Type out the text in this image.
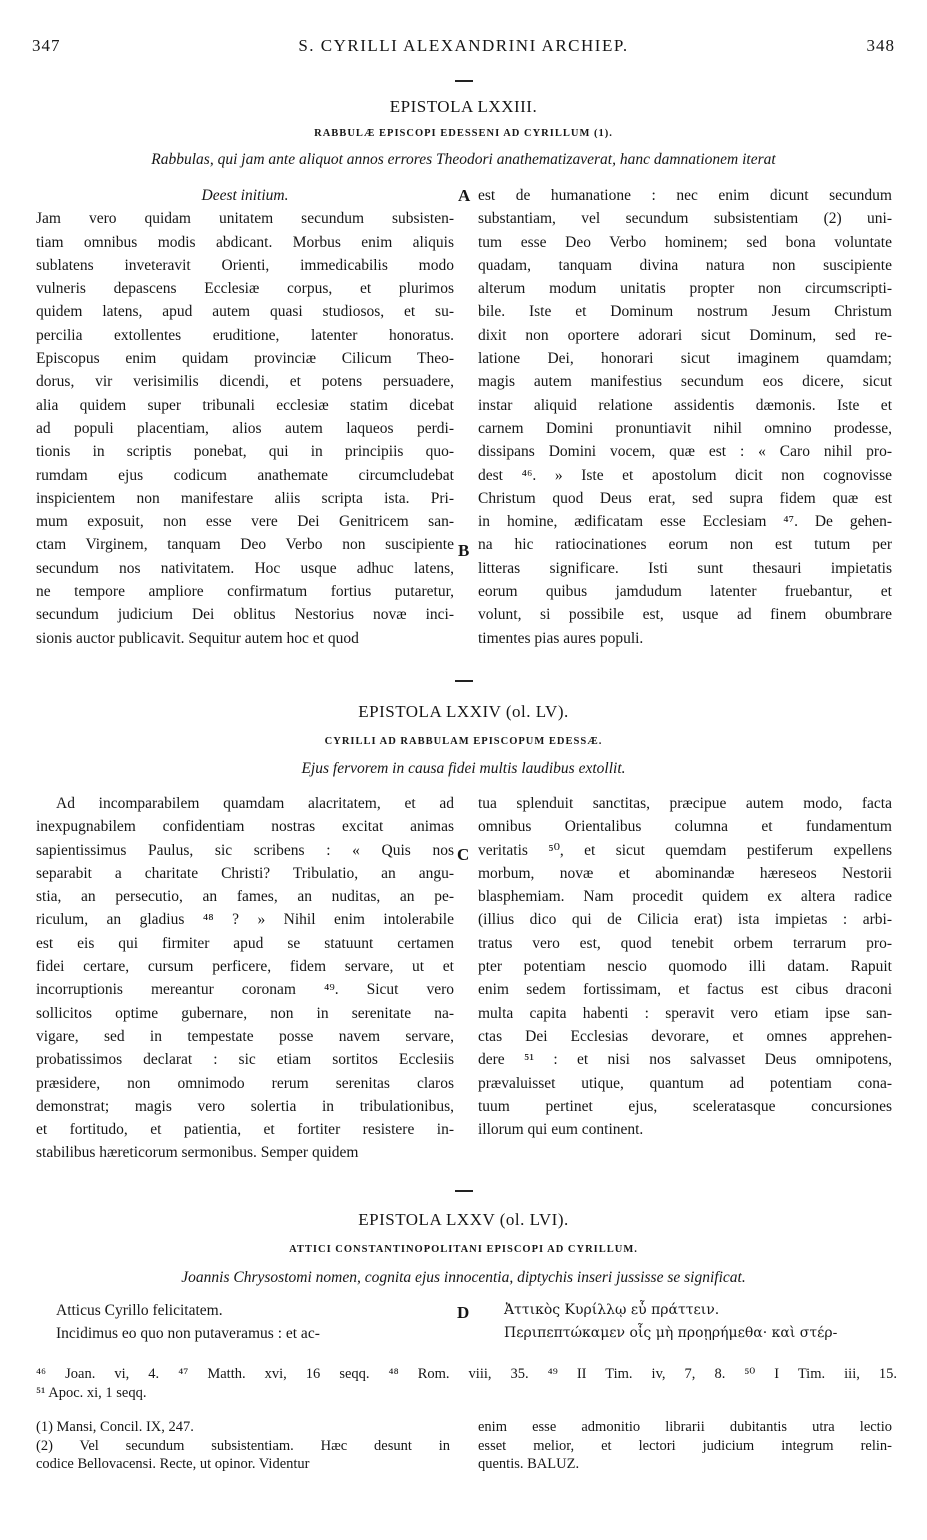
347	S. CYRILLI ALEXANDRINI ARCHIEP.	348
EPISTOLA LXXIII.
RABBULÆ EPISCOPI EDESSENI AD CYRILLUM (1).
Rabbulas, qui jam ante aliquot annos errores Theodori anathematizaverat, hanc damnationem iterat
Deest initium.
Jam vero quidam unitatem secundum subsisten-
tiam omnibus modis abdicant. Morbus enim aliquis
sublatens inveteravit Orienti, immedicabilis modo
vulneris depascens Ecclesiæ corpus, et plurimos
quidem latens, apud autem quasi studiosos, et su-
percilia extollentes eruditione, latenter honoratus.
Episcopus enim quidam provinciæ Cilicum Theo-
dorus, vir verisimilis dicendi, et potens persuadere,
alia quidem super tribunali ecclesiæ statim dicebat
ad populi placentiam, alios autem laqueos perdi-
tionis in scriptis ponebat, qui in principiis quo-
rumdam ejus codicum anathemate circumcludebat
inspicientem non manifestare aliis scripta ista. Pri-
mum exposuit, non esse vere Dei Genitricem san-
ctam Virginem, tanquam Deo Verbo non suscipiente
secundum nos nativitatem. Hoc usque adhuc latens,
ne tempore ampliore confirmatum fortius putaretur,
secundum judicium Dei oblitus Nestorius novæ inci-
sionis auctor publicavit. Sequitur autem hoc et quod
A est de humanatione : nec enim dicunt secundum
substantiam, vel secundum subsistentiam (2) uni-
tum esse Deo Verbo hominem; sed bona voluntate
quadam, tanquam divina natura non suscipiente
alterum modum unitatis propter non circumscripti-
bile. Iste et Dominum nostrum Jesum Christum
dixit non oportere adorari sicut Dominum, sed re-
latione Dei, honorari sicut imaginem quamdam;
magis autem manifestius secundum eos dicere, sicut
instar aliquid relatione assidentis dæmonis. Iste et
carnem Domini pronuntiavit nihil omnino prodesse,
dissipans Domini vocem, quæ est : « Caro nihil pro-
dest ⁴⁶. » Iste et apostolum dicit non cognovisse
Christum quod Deus erat, sed supra fidem quæ est
in homine, ædificatam esse Ecclesiam ⁴⁷. De gehen-
na hic ratiocinationes eorum non est tutum per
litteras significare. Isti sunt thesauri impietatis
eorum quibus jamdudum latenter fruebantur, et
volunt, si possibile est, usque ad finem obumbrare
timentes pias aures populi.
B
EPISTOLA LXXIV (ol. LV).
CYRILLI AD RABBULAM EPISCOPUM EDESSÆ.
Ejus fervorem in causa fidei multis laudibus extollit.
Ad incomparabilem quamdam alacritatem, et ad
inexpugnabilem confidentiam nostras excitat animas
sapientissimus Paulus, sic scribens : « Quis nos
separabit a charitate Christi? Tribulatio, an angu-
stia, an persecutio, an fames, an nuditas, an pe-
riculum, an gladius ⁴⁸ ? » Nihil enim intolerabile
est eis qui firmiter apud se statuunt certamen
fidei certare, cursum perficere, fidem servare, ut et
incorruptionis mereantur coronam ⁴⁹. Sicut vero
sollicitos optime gubernare, non in serenitate na-
vigare, sed in tempestate posse navem servare,
probatissimos declarat : sic etiam sortitos Ecclesiis
præsidere, non omnimodo rerum serenitas claros
demonstrat; magis vero solertia in tribulationibus,
et fortitudo, et patientia, et fortiter resistere in-
stabilibus hæreticorum sermonibus. Semper quidem
C
tua splenduit sanctitas, præcipue autem modo, facta
omnibus Orientalibus columna et fundamentum
veritatis ⁵⁰, et sicut quemdam pestiferum expellens
morbum, novæ et abominandæ hæreseos Nestorii
blasphemiam. Nam procedit quidem ex altera radice
(illius dico qui de Cilicia erat) ista impietas : arbi-
tratus vero est, quod tenebit orbem terrarum pro-
pter potentiam nescio quomodo illi datam. Rapuit
enim sedem fortissimam, et factus est cibus draconi
multa capita habenti : speravit vero etiam ipse san-
ctas Dei Ecclesias devorare, et omnes apprehen-
dere ⁵¹ : et nisi nos salvasset Deus omnipotens,
prævaluisset utique, quantum ad potentiam cona-
tuum pertinet ejus, sceleratasque concursiones
illorum qui eum continent.
EPISTOLA LXXV (ol. LVI).
ATTICI CONSTANTINOPOLITANI EPISCOPI AD CYRILLUM.
Joannis Chrysostomi nomen, cognita ejus innocentia, diptychis inseri jussisse se significat.
Atticus Cyrillo felicitatem.
Incidimus eo quo non putaveramus : et ac-
D	Ἀττικὸς Κυρίλλῳ εὖ πράττειν.
Περιπεπτώκαμεν οἷς μὴ προῃρήμεθα· καὶ στέρ-
⁴⁶ Joan. vi, 4. ⁴⁷ Matth. xvi, 16 seqq. ⁴⁸ Rom. viii, 35. ⁴⁹ II Tim. iv, 7, 8. ⁵⁰ I Tim. iii, 15.
⁵¹ Apoc. xi, 1 seqq.
(1) Mansi, Concil. IX, 247.
(2) Vel secundum subsistentiam. Hæc desunt in
codice Bellovacensi. Recte, ut opinor. Videntur
enim esse admonitio librarii dubitantis utra lectio
esset melior, et lectori judicium integrum relin-
quentis. BALUZ.
